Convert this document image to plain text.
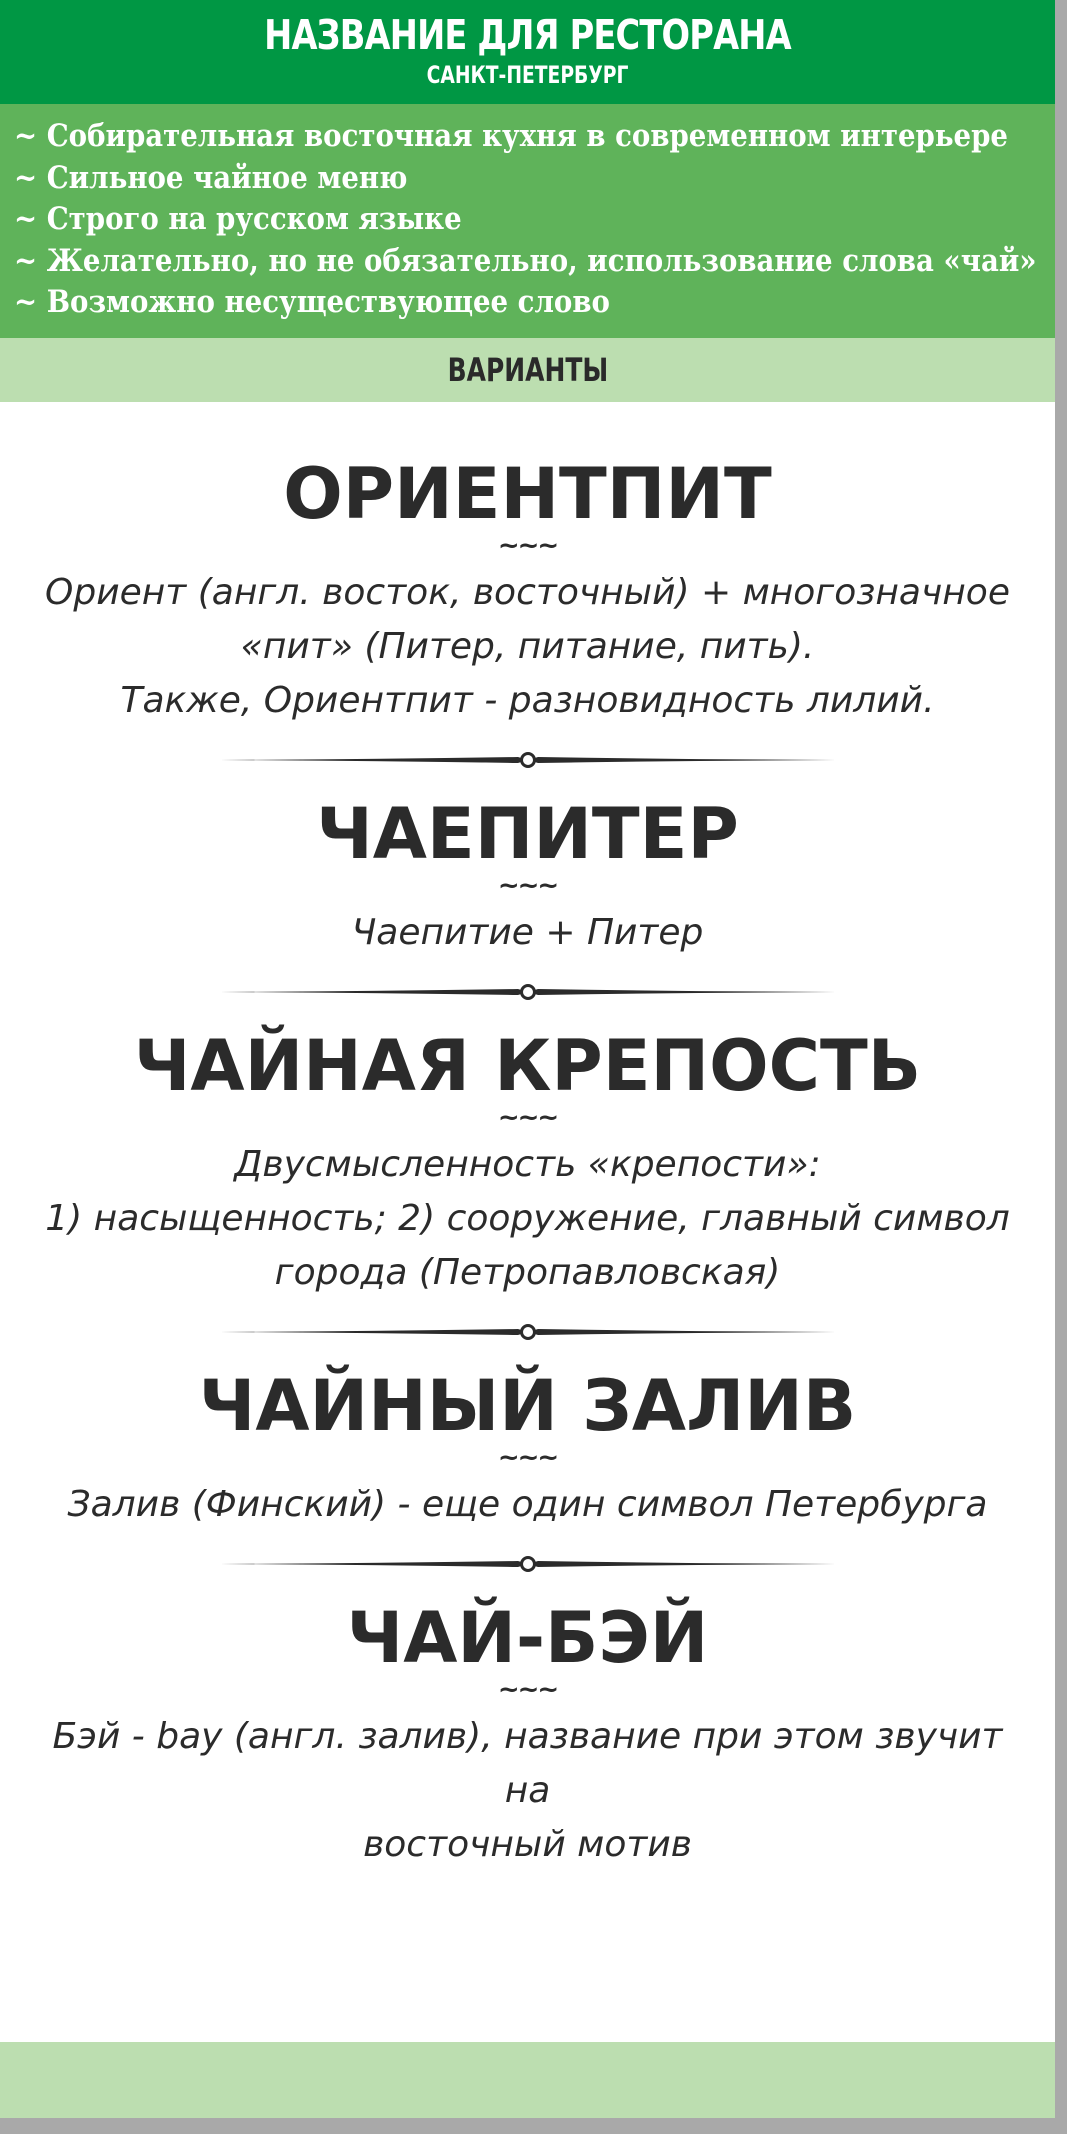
НАЗВАНИЕ ДЛЯ РЕСТОРАНА
САНКТ-ПЕТЕРБУРГ
~ Собирательная восточная кухня в современном интерьере
~ Сильное чайное меню
~ Строго на русском языке
~ Желательно, но не обязательно, использование слова «чай»
~ Возможно несуществующее слово
ВАРИАНТЫ
ОРИЕНТПИТ
~~~
Ориент (англ. восток, восточный) + многозначное
«пит» (Питер, питание, пить).
Также, Ориентпит - разновидность лилий.
ЧАЕПИТЕР
~~~
Чаепитие + Питер
ЧАЙНАЯ КРЕПОСТЬ
~~~
Двусмысленность «крепости»:
1) насыщенность; 2) сооружение, главный символ
города (Петропавловская)
ЧАЙНЫЙ ЗАЛИВ
~~~
Залив (Финский) - еще один символ Петербурга
ЧАЙ-БЭЙ
~~~
Бэй - bay (англ. залив), название при этом звучит на
восточный мотив
